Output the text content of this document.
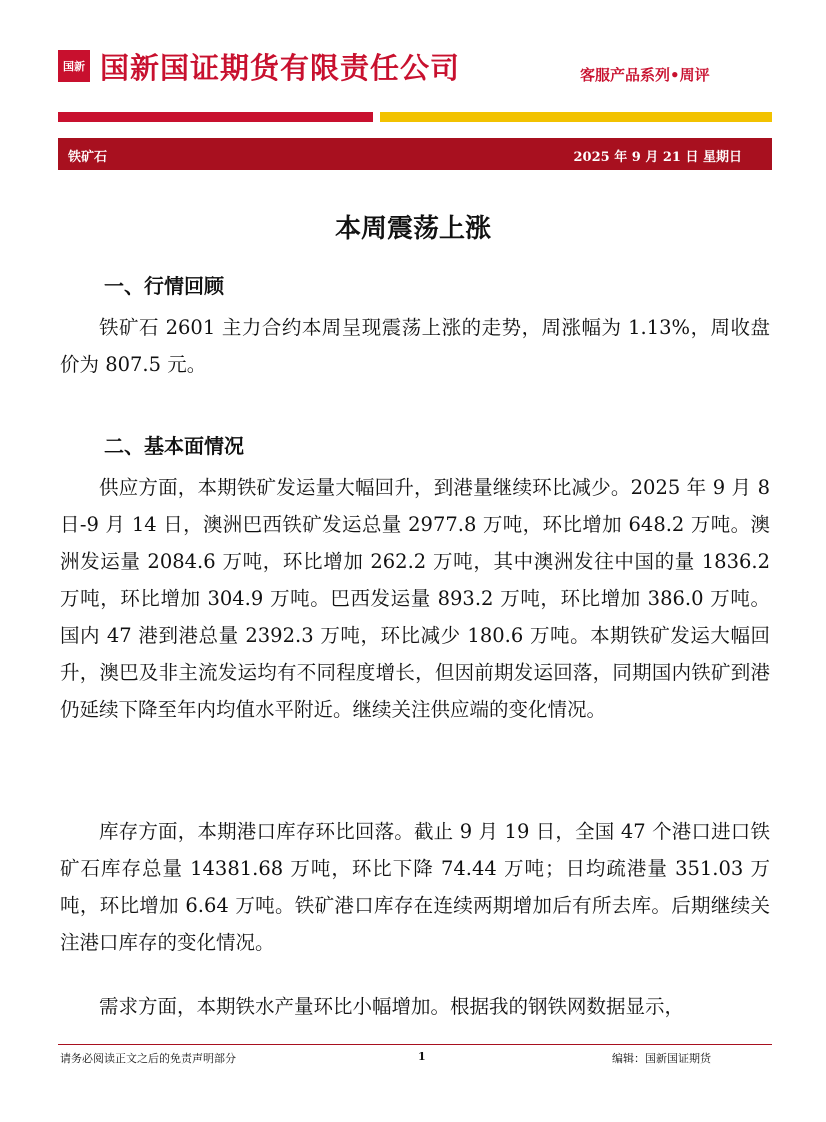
国新 国新国证期货有限责任公司	客服产品系列•周评
铁矿石	2025 年 9 月 21 日 星期日
本周震荡上涨
一、行情回顾
铁矿石 2601 主力合约本周呈现震荡上涨的走势，周涨幅为 1.13%，周收盘价为 807.5 元。
二、基本面情况
供应方面，本期铁矿发运量大幅回升，到港量继续环比减少。2025 年 9 月 8 日-9 月 14 日，澳洲巴西铁矿发运总量 2977.8 万吨，环比增加 648.2 万吨。澳洲发运量 2084.6 万吨，环比增加 262.2 万吨，其中澳洲发往中国的量 1836.2 万吨，环比增加 304.9 万吨。巴西发运量 893.2 万吨，环比增加 386.0 万吨。国内 47 港到港总量 2392.3 万吨，环比减少 180.6 万吨。本期铁矿发运大幅回升，澳巴及非主流发运均有不同程度增长，但因前期发运回落，同期国内铁矿到港仍延续下降至年内均值水平附近。继续关注供应端的变化情况。
库存方面，本期港口库存环比回落。截止 9 月 19 日，全国 47 个港口进口铁矿石库存总量 14381.68 万吨，环比下降 74.44 万吨；日均疏港量 351.03 万吨，环比增加 6.64 万吨。铁矿港口库存在连续两期增加后有所去库。后期继续关注港口库存的变化情况。
需求方面，本期铁水产量环比小幅增加。根据我的钢铁网数据显示，
请务必阅读正文之后的免责声明部分	1	编辑：国新国证期货
